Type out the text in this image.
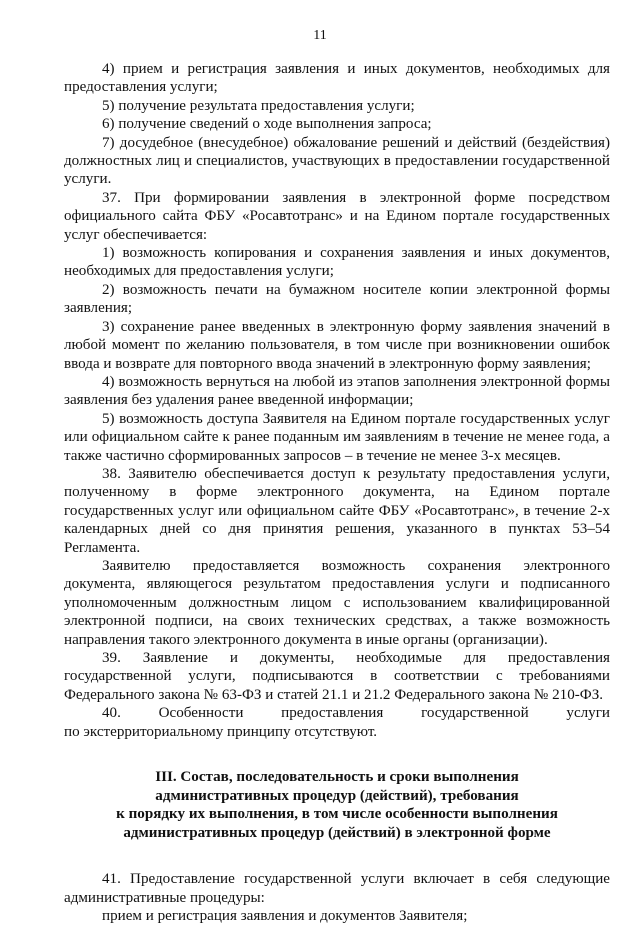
11

4) прием и регистрация заявления и иных документов, необходимых для предоставления услуги;

5) получение результата предоставления услуги;

6) получение сведений о ходе выполнения запроса;

7) досудебное (внесудебное) обжалование решений и действий (бездействия) должностных лиц и специалистов, участвующих в предоставлении государственной услуги.

37. При формировании заявления в электронной форме посредством официального сайта ФБУ «Росавтотранс» и на Едином портале государственных услуг обеспечивается:

1) возможность копирования и сохранения заявления и иных документов, необходимых для предоставления услуги;

2) возможность печати на бумажном носителе копии электронной формы заявления;

3) сохранение ранее введенных в электронную форму заявления значений в любой момент по желанию пользователя, в том числе при возникновении ошибок ввода и возврате для повторного ввода значений в электронную форму заявления;

4) возможность вернуться на любой из этапов заполнения электронной формы заявления без удаления ранее введенной информации;

5) возможность доступа Заявителя на Едином портале государственных услуг или официальном сайте к ранее поданным им заявлениям в течение не менее года, а также частично сформированных запросов – в течение не менее 3-х месяцев.

38. Заявителю обеспечивается доступ к результату предоставления услуги, полученному в форме электронного документа, на Едином портале государственных услуг или официальном сайте ФБУ «Росавтотранс», в течение 2-х календарных дней со дня принятия решения, указанного в пунктах 53–54 Регламента.

Заявителю предоставляется возможность сохранения электронного документа, являющегося результатом предоставления услуги и подписанного уполномоченным должностным лицом с использованием квалифицированной электронной подписи, на своих технических средствах, а также возможность направления такого электронного документа в иные органы (организации).

39. Заявление и документы, необходимые для предоставления государственной услуги, подписываются в соответствии с требованиями Федерального закона № 63-ФЗ и статей 21.1 и 21.2 Федерального закона № 210-ФЗ.

40. Особенности предоставления государственной услуги

по экстерриториальному принципу отсутствуют.

III. Состав, последовательность и сроки выполнения
административных процедур (действий), требования
к порядку их выполнения, в том числе особенности выполнения
административных процедур (действий) в электронной форме

41. Предоставление государственной услуги включает в себя следующие административные процедуры:

прием и регистрация заявления и документов Заявителя;
